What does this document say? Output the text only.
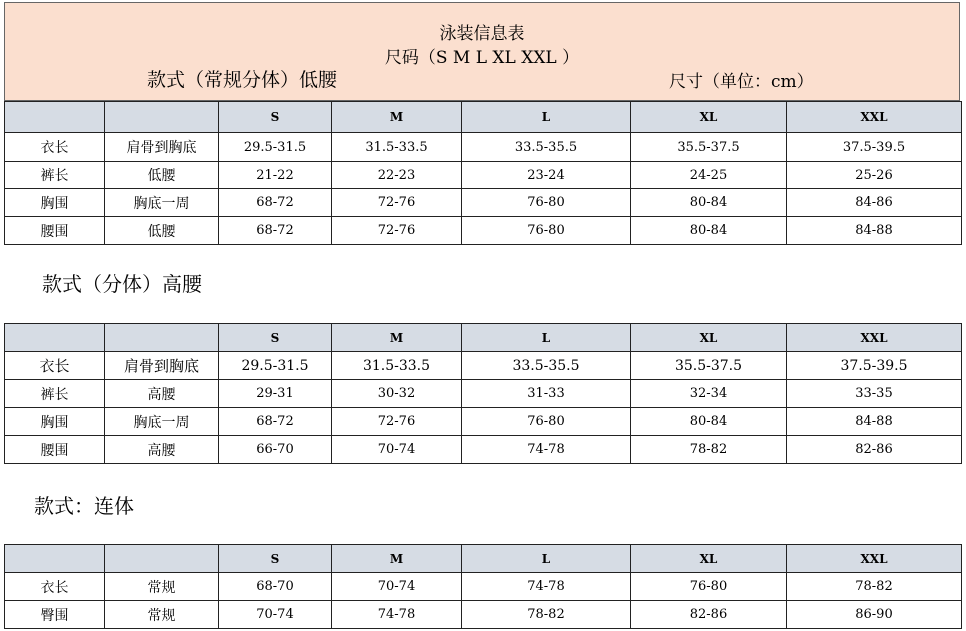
泳装信息表
尺码（S M L XL XXL ）
款式（常规分体）低腰	尺寸（单位：cm）
		S	M	L	XL	XXL
衣长	肩骨到胸底	29.5-31.5	31.5-33.5	33.5-35.5	35.5-37.5	37.5-39.5
裤长	低腰	21-22	22-23	23-24	24-25	25-26
胸围	胸底一周	68-72	72-76	76-80	80-84	84-86
腰围	低腰	68-72	72-76	76-80	80-84	84-88
款式（分体）高腰
		S	M	L	XL	XXL
衣长	肩骨到胸底	29.5-31.5	31.5-33.5	33.5-35.5	35.5-37.5	37.5-39.5
裤长	高腰	29-31	30-32	31-33	32-34	33-35
胸围	胸底一周	68-72	72-76	76-80	80-84	84-88
腰围	高腰	66-70	70-74	74-78	78-82	82-86
款式：连体
		S	M	L	XL	XXL
衣长	常规	68-70	70-74	74-78	76-80	78-82
臀围	常规	70-74	74-78	78-82	82-86	86-90
